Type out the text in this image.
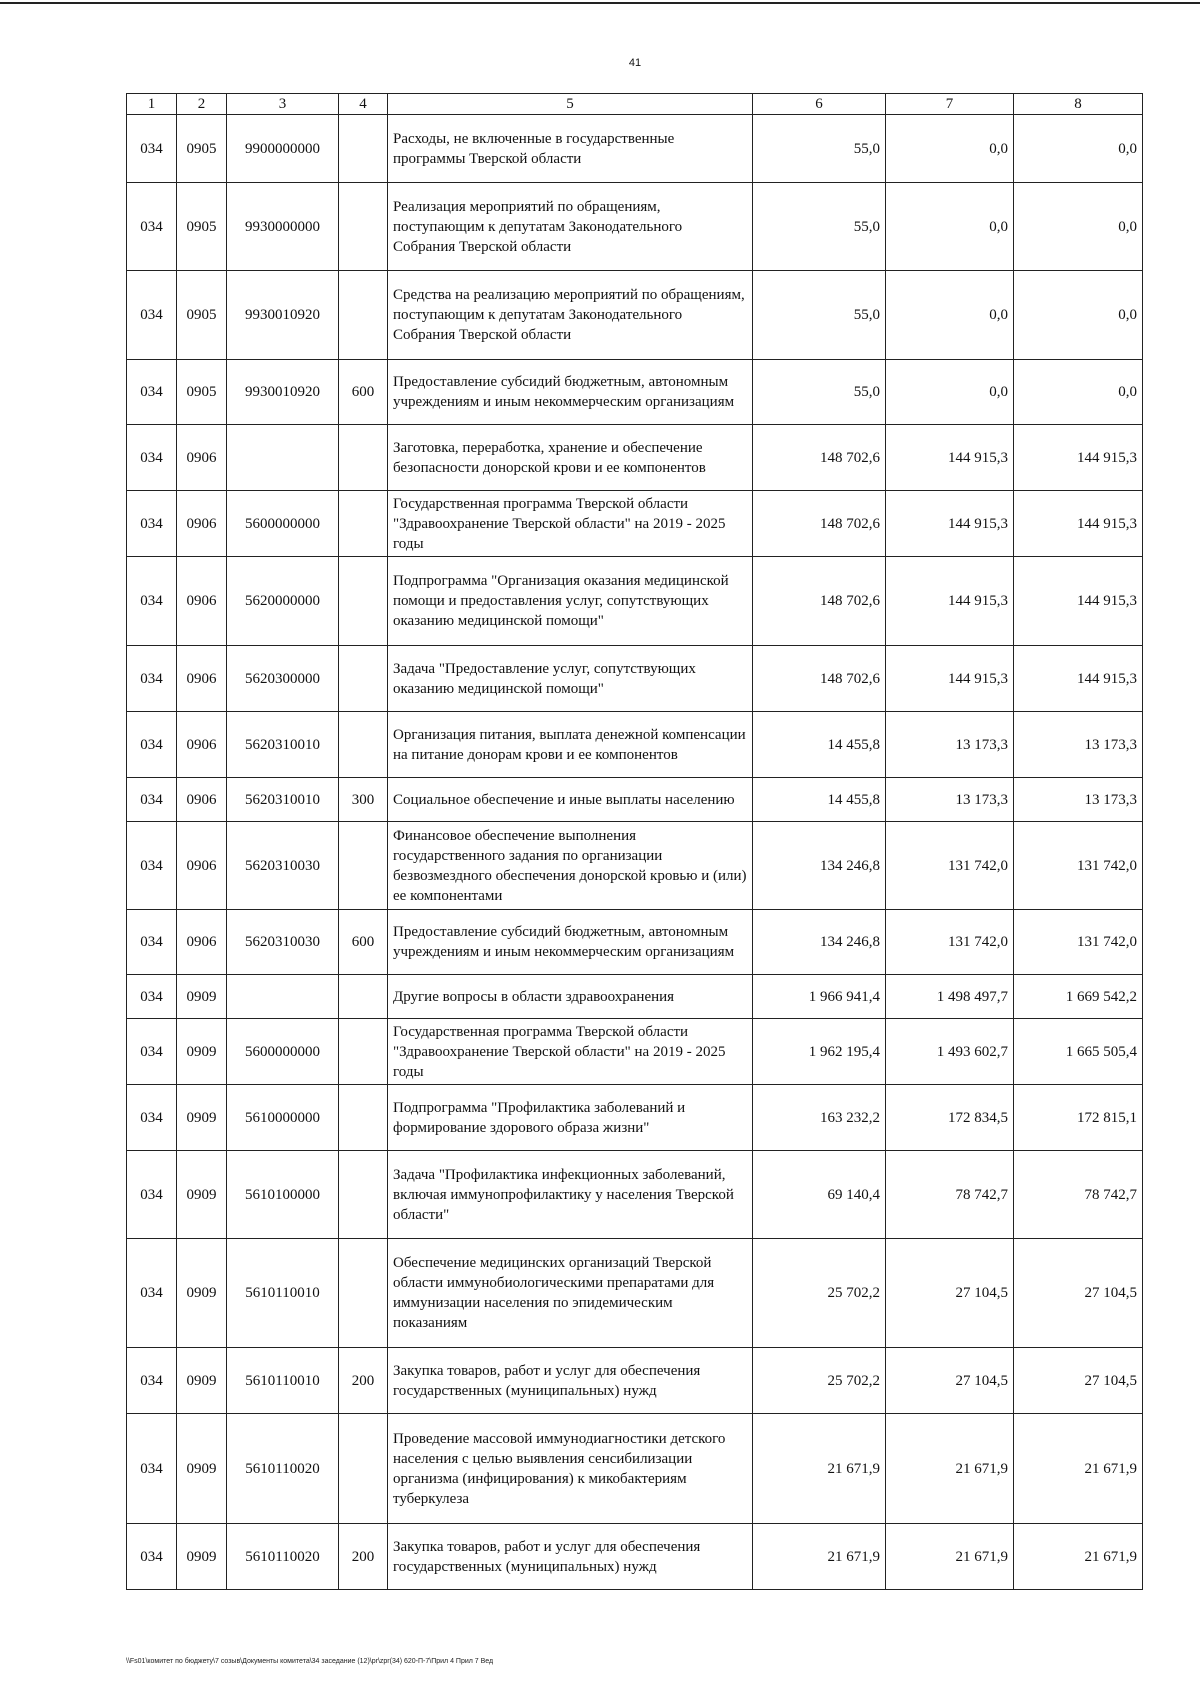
41
1	2	3	4	5	6	7	8
034	0905	9900000000		Расходы, не включенные в государственные программы Тверской области	55,0	0,0	0,0
034	0905	9930000000		Реализация мероприятий по обращениям, поступающим к депутатам Законодательного Собрания Тверской области	55,0	0,0	0,0
034	0905	9930010920		Средства на реализацию мероприятий по обращениям, поступающим к депутатам Законодательного Собрания Тверской области	55,0	0,0	0,0
034	0905	9930010920	600	Предоставление субсидий бюджетным, автономным учреждениям и иным некоммерческим организациям	55,0	0,0	0,0
034	0906			Заготовка, переработка, хранение и обеспечение безопасности донорской крови и ее компонентов	148 702,6	144 915,3	144 915,3
034	0906	5600000000		Государственная программа Тверской области "Здравоохранение Тверской области" на 2019 - 2025 годы	148 702,6	144 915,3	144 915,3
034	0906	5620000000		Подпрограмма "Организация оказания медицинской помощи и предоставления услуг, сопутствующих оказанию медицинской помощи"	148 702,6	144 915,3	144 915,3
034	0906	5620300000		Задача "Предоставление услуг, сопутствующих оказанию медицинской помощи"	148 702,6	144 915,3	144 915,3
034	0906	5620310010		Организация питания, выплата денежной компенсации на питание донорам крови и ее компонентов	14 455,8	13 173,3	13 173,3
034	0906	5620310010	300	Социальное обеспечение и иные выплаты населению	14 455,8	13 173,3	13 173,3
034	0906	5620310030		Финансовое обеспечение выполнения государственного задания по организации безвозмездного обеспечения донорской кровью и (или) ее компонентами	134 246,8	131 742,0	131 742,0
034	0906	5620310030	600	Предоставление субсидий бюджетным, автономным учреждениям и иным некоммерческим организациям	134 246,8	131 742,0	131 742,0
034	0909			Другие вопросы в области здравоохранения	1 966 941,4	1 498 497,7	1 669 542,2
034	0909	5600000000		Государственная программа Тверской области "Здравоохранение Тверской области" на 2019 - 2025 годы	1 962 195,4	1 493 602,7	1 665 505,4
034	0909	5610000000		Подпрограмма "Профилактика заболеваний и формирование здорового образа жизни"	163 232,2	172 834,5	172 815,1
034	0909	5610100000		Задача "Профилактика инфекционных заболеваний, включая иммунопрофилактику у населения Тверской области"	69 140,4	78 742,7	78 742,7
034	0909	5610110010		Обеспечение медицинских организаций Тверской области иммунобиологическими препаратами для иммунизации населения по эпидемическим показаниям	25 702,2	27 104,5	27 104,5
034	0909	5610110010	200	Закупка товаров, работ и услуг для обеспечения государственных (муниципальных) нужд	25 702,2	27 104,5	27 104,5
034	0909	5610110020		Проведение массовой иммунодиагностики детского населения с целью выявления сенсибилизации организма (инфицирования) к микобактериям туберкулеза	21 671,9	21 671,9	21 671,9
034	0909	5610110020	200	Закупка товаров, работ и услуг для обеспечения государственных (муниципальных) нужд	21 671,9	21 671,9	21 671,9
\\Fs01\комитет по бюджету\7 созыв\Документы комитета\34 заседание (12)\pr\zpr(34) 620-П-7\Прил 4 Прил 7 Вед
